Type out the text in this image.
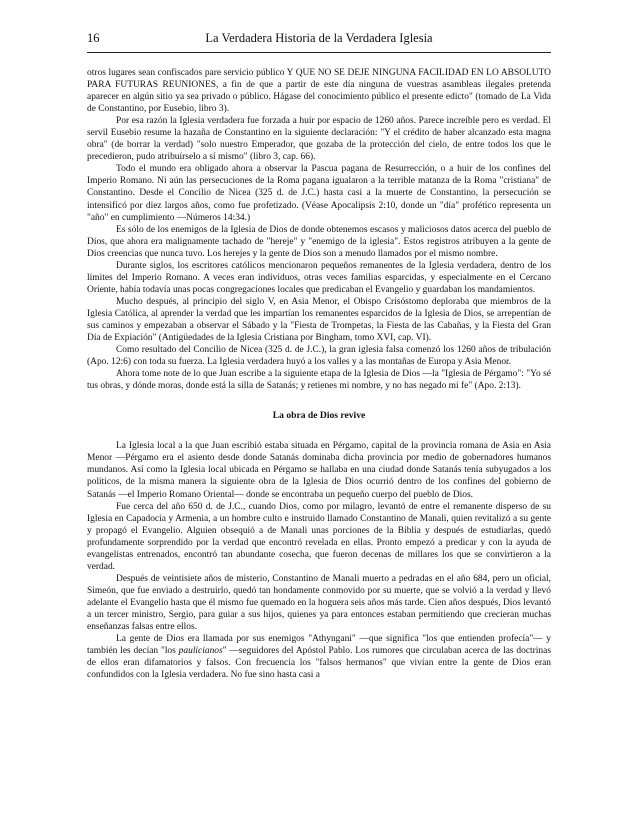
16	La Verdadera Historia de la Verdadera Iglesia

otros lugares sean confiscados pare servicio público Y QUE NO SE DEJE NINGUNA FACILIDAD EN LO ABSOLUTO PARA FUTURAS REUNIONES, a fin de que a partir de este día ninguna de vuestras asambleas ilegales pretenda aparecer en algún sitio ya sea privado o público. Hágase del conocimiento público el presente edicto" (tomado de La Vida de Constantino, por Eusebio, libro 3).

Por esa razón la Iglesia verdadera fue forzada a huir por espacio de 1260 años. Parece increíble pero es verdad. El servil Eusebio resume la hazaña de Constantino en la siguiente declaración: "Y el crédito de haber alcanzado esta magna obra" (de borrar la verdad) "solo nuestro Emperador, que gozaba de la protección del cielo, de entre todos los que le precedieron, pudo atribuírselo a sí mismo" (libro 3, cap. 66).

Todo el mundo era obligado ahora a observar la Pascua pagana de Resurrección, o a huir de los confines del Imperio Romano. Ni aún las persecuciones de la Roma pagana igualaron a la terrible matanza de la Roma "cristiana" de Constantino. Desde el Concilio de Nicea (325 d. de J.C.) hasta casi a la muerte de Constantino, la persecución se intensificó por diez largos años, como fue profetizado. (Véase Apocalipsis 2:10, donde un "día" profético representa un "año" en cumplimiento —Números 14:34.)

Es sólo de los enemigos de la Iglesia de Dios de donde obtenemos escasos y maliciosos datos acerca del pueblo de Dios, que ahora era malignamente tachado de "hereje" y "enemigo de la iglesia". Estos registros atribuyen a la gente de Dios creencias que nunca tuvo. Los herejes y la gente de Dios son a menudo llamados por el mismo nombre.

Durante siglos, los escritores católicos mencionaron pequeños remanentes de la Iglesia verdadera, dentro de los límites del Imperio Romano. A veces eran individuos, otras veces familias esparcidas, y especialmente en el Cercano Oriente, había todavía unas pocas congregaciones locales que predicaban el Evangelio y guardaban los mandamientos.

Mucho después, al principio del siglo V, en Asia Menor, el Obispo Crisóstomo deploraba que miembros de la Iglesia Católica, al aprender la verdad que les impartían los remanentes esparcidos de la Iglesia de Dios, se arrepentían de sus caminos y empezaban a observar el Sábado y la "Fiesta de Trompetas, la Fiesta de las Cabañas, y la Fiesta del Gran Día de Expiación" (Antigüedades de la Iglesia Cristiana por Bingham, tomo XVI, cap. VI).

Como resultado del Concilio de Nicea (325 d. de J.C.), la gran iglesia falsa comenzó los 1260 años de tribulación (Apo. 12:6) con toda su fuerza. La Iglesia verdadera huyó a los valles y a las montañas de Europa y Asia Menor.

Ahora tome note de lo que Juan escribe a la siguiente etapa de la Iglesia de Dios —la "Iglesia de Pérgamo": "Yo sé tus obras, y dónde moras, donde está la silla de Satanás; y retienes mi nombre, y no has negado mi fe" (Apo. 2:13).

La obra de Dios revive

La Iglesia local a la que Juan escribió estaba situada en Pérgamo, capital de la provincia romana de Asia en Asia Menor —Pérgamo era el asiento desde donde Satanás dominaba dicha provincia por medio de gobernadores humanos mundanos. Así como la Iglesia local ubicada en Pérgamo se hallaba en una ciudad donde Satanás tenía subyugados a los políticos, de la misma manera la siguiente obra de la Iglesia de Dios ocurrió dentro de los confines del gobierno de Satanás —el Imperio Romano Oriental— donde se encontraba un pequeño cuerpo del pueblo de Dios.

Fue cerca del año 650 d. de J.C., cuando Dios, como por milagro, levantó de entre el remanente disperso de su Iglesia en Capadocia y Armenia, a un hombre culto e instruido llamado Constantino de Manali, quien revitalizó a su gente y propagó el Evangelio. Alguien obsequió a de Manali unas porciones de la Biblia y después de estudiarlas, quedó profundamente sorprendido por la verdad que encontró revelada en ellas. Pronto empezó a predicar y con la ayuda de evangelistas entrenados, encontró tan abundante cosecha, que fueron decenas de millares los que se convirtieron a la verdad.

Después de veintisiete años de misterio, Constantino de Manali muerto a pedradas en el año 684, pero un oficial, Simeón, que fue enviado a destruirlo, quedó tan hondamente conmovido por su muerte, que se volvió a la verdad y llevó adelante el Evangelio hasta que él mismo fue quemado en la hoguera seis años más tarde. Cien años después, Dios levantó a un tercer ministro, Sergio, para guiar a sus hijos, quienes ya para entonces estaban permitiendo que crecieran muchas enseñanzas falsas entre ellos.

La gente de Dios era llamada por sus enemigos "Athyngani" —que significa "los que entienden profecía"— y también les decían "los paulicianos" —seguidores del Apóstol Pablo. Los rumores que circulaban acerca de las doctrinas de ellos eran difamatorios y falsos. Con frecuencia los "falsos hermanos" que vivían entre la gente de Dios eran confundidos con la Iglesia verdadera. No fue sino hasta casi a
